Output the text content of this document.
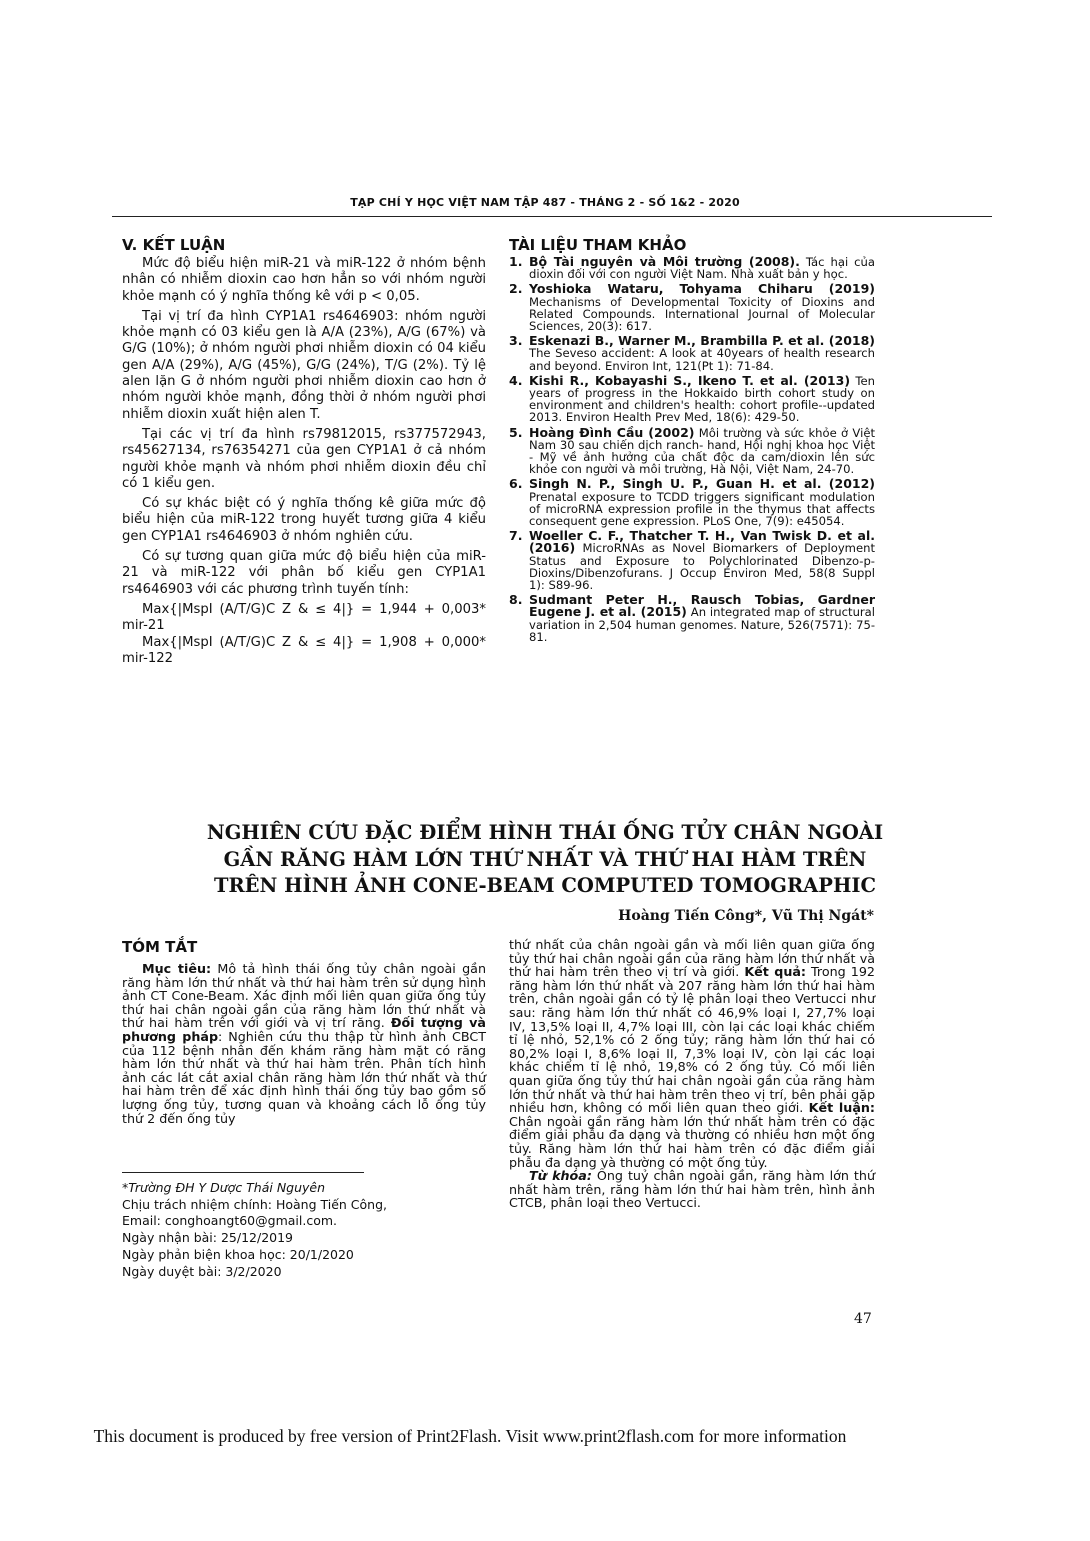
TẠP CHÍ Y HỌC VIỆT NAM TẬP 487 - THÁNG 2 - SỐ 1&2 - 2020
V. KẾT LUẬN

Mức độ biểu hiện miR-21 và miR-122 ở nhóm bệnh nhân có nhiễm dioxin cao hơn hẳn so với nhóm người khỏe mạnh có ý nghĩa thống kê với p < 0,05.

Tại vị trí đa hình CYP1A1 rs4646903: nhóm người khỏe mạnh có 03 kiểu gen là A/A (23%), A/G (67%) và G/G (10%); ở nhóm người phơi nhiễm dioxin có 04 kiểu gen A/A (29%), A/G (45%), G/G (24%), T/G (2%). Tỷ lệ alen lặn G ở nhóm người phơi nhiễm dioxin cao hơn ở nhóm người khỏe mạnh, đồng thời ở nhóm người phơi nhiễm dioxin xuất hiện alen T.

Tại các vị trí đa hình rs79812015, rs377572943, rs45627134, rs76354271 của gen CYP1A1 ở cả nhóm người khỏe mạnh và nhóm phơi nhiễm dioxin đều chỉ có 1 kiểu gen.

Có sự khác biệt có ý nghĩa thống kê giữa mức độ biểu hiện của miR-122 trong huyết tương giữa 4 kiểu gen CYP1A1 rs4646903 ở nhóm nghiên cứu.

Có sự tương quan giữa mức độ biểu hiện của miR-21 và miR-122 với phân bố kiểu gen CYP1A1 rs4646903 với các phương trình tuyến tính:

Max{|MspI (A/T/G)C Z & ≤ 4|} = 1,944 + 0,003* mir-21

Max{|MspI (A/T/G)C Z & ≤ 4|} = 1,908 + 0,000* mir-122

TÀI LIỆU THAM KHẢO
1. Bộ Tài nguyên và Môi trường (2008). Tác hại của dioxin đối với con người Việt Nam. Nhà xuất bản y học.
2. Yoshioka Wataru, Tohyama Chiharu (2019) Mechanisms of Developmental Toxicity of Dioxins and Related Compounds. International Journal of Molecular Sciences, 20(3): 617.
3. Eskenazi B., Warner M., Brambilla P. et al. (2018) The Seveso accident: A look at 40years of health research and beyond. Environ Int, 121(Pt 1): 71-84.
4. Kishi R., Kobayashi S., Ikeno T. et al. (2013) Ten years of progress in the Hokkaido birth cohort study on environment and children's health: cohort profile--updated 2013. Environ Health Prev Med, 18(6): 429-50.
5. Hoàng Đình Cầu (2002) Môi trường và sức khỏe ở Việt Nam 30 sau chiến dịch ranch- hand, Hội nghị khoa học Việt - Mỹ về ảnh hưởng của chất độc da cam/dioxin lên sức khỏe con người và môi trường, Hà Nội, Việt Nam, 24-70.
6. Singh N. P., Singh U. P., Guan H. et al. (2012) Prenatal exposure to TCDD triggers significant modulation of microRNA expression profile in the thymus that affects consequent gene expression. PLoS One, 7(9): e45054.
7. Woeller C. F., Thatcher T. H., Van Twisk D. et al. (2016) MicroRNAs as Novel Biomarkers of Deployment Status and Exposure to Polychlorinated Dibenzo-p-Dioxins/Dibenzofurans. J Occup Environ Med, 58(8 Suppl 1): S89-96.
8. Sudmant Peter H., Rausch Tobias, Gardner Eugene J. et al. (2015) An integrated map of structural variation in 2,504 human genomes. Nature, 526(7571): 75-81.
NGHIÊN CỨU ĐẶC ĐIỂM HÌNH THÁI ỐNG TỦY CHÂN NGOÀI
GẦN RĂNG HÀM LỚN THỨ NHẤT VÀ THỨ HAI HÀM TRÊN
TRÊN HÌNH ẢNH CONE-BEAM COMPUTED TOMOGRAPHIC
Hoàng Tiến Công*, Vũ Thị Ngát*
TÓM TẮT

Mục tiêu: Mô tả hình thái ống tủy chân ngoài gần răng hàm lớn thứ nhất và thứ hai hàm trên sử dụng hình ảnh CT Cone-Beam. Xác định mối liên quan giữa ống tủy thứ hai chân ngoài gần của răng hàm lớn thứ nhất và thứ hai hàm trên với giới và vị trí răng. Đối tượng và phương pháp: Nghiên cứu thu thập từ hình ảnh CBCT của 112 bệnh nhân đến khám răng hàm mặt có răng hàm lớn thứ nhất và thứ hai hàm trên. Phân tích hình ảnh các lát cắt axial chân răng hàm lớn thứ nhất và thứ hai hàm trên để xác định hình thái ống tủy bao gồm số lượng ống tủy, tương quan và khoảng cách lỗ ống tủy thứ 2 đến ống tủy

thứ nhất của chân ngoài gần và mối liên quan giữa ống tủy thứ hai chân ngoài gần của răng hàm lớn thứ nhất và thứ hai hàm trên theo vị trí và giới. Kết quả: Trong 192 răng hàm lớn thứ nhất và 207 răng hàm lớn thứ hai hàm trên, chân ngoài gần có tỷ lệ phân loại theo Vertucci như sau: răng hàm lớn thứ nhất có 46,9% loại I, 27,7% loại IV, 13,5% loại II, 4,7% loại III, còn lại các loại khác chiếm tỉ lệ nhỏ, 52,1% có 2 ống tủy; răng hàm lớn thứ hai có 80,2% loại I, 8,6% loại II, 7,3% loại IV, còn lại các loại khác chiếm tỉ lệ nhỏ, 19,8% có 2 ống tủy. Có mối liên quan giữa ống tủy thứ hai chân ngoài gần của răng hàm lớn thứ nhất và thứ hai hàm trên theo vị trí, bên phải gặp nhiều hơn, không có mối liên quan theo giới. Kết luận: Chân ngoài gần răng hàm lớn thứ nhất hàm trên có đặc điểm giải phẫu đa dạng và thường có nhiều hơn một ống tủy. Răng hàm lớn thứ hai hàm trên có đặc điểm giải phẫu đa dạng và thường có một ống tủy.

Từ khóa: Ống tuỷ chân ngoài gần, răng hàm lớn thứ nhất hàm trên, răng hàm lớn thứ hai hàm trên, hình ảnh CTCB, phân loại theo Vertucci.

*Trường ĐH Y Dược Thái Nguyên
Chịu trách nhiệm chính: Hoàng Tiến Công,
Email: conghoangt60@gmail.com.
Ngày nhận bài: 25/12/2019
Ngày phản biện khoa học: 20/1/2020
Ngày duyệt bài: 3/2/2020
47
This document is produced by free version of Print2Flash. Visit www.print2flash.com for more information
